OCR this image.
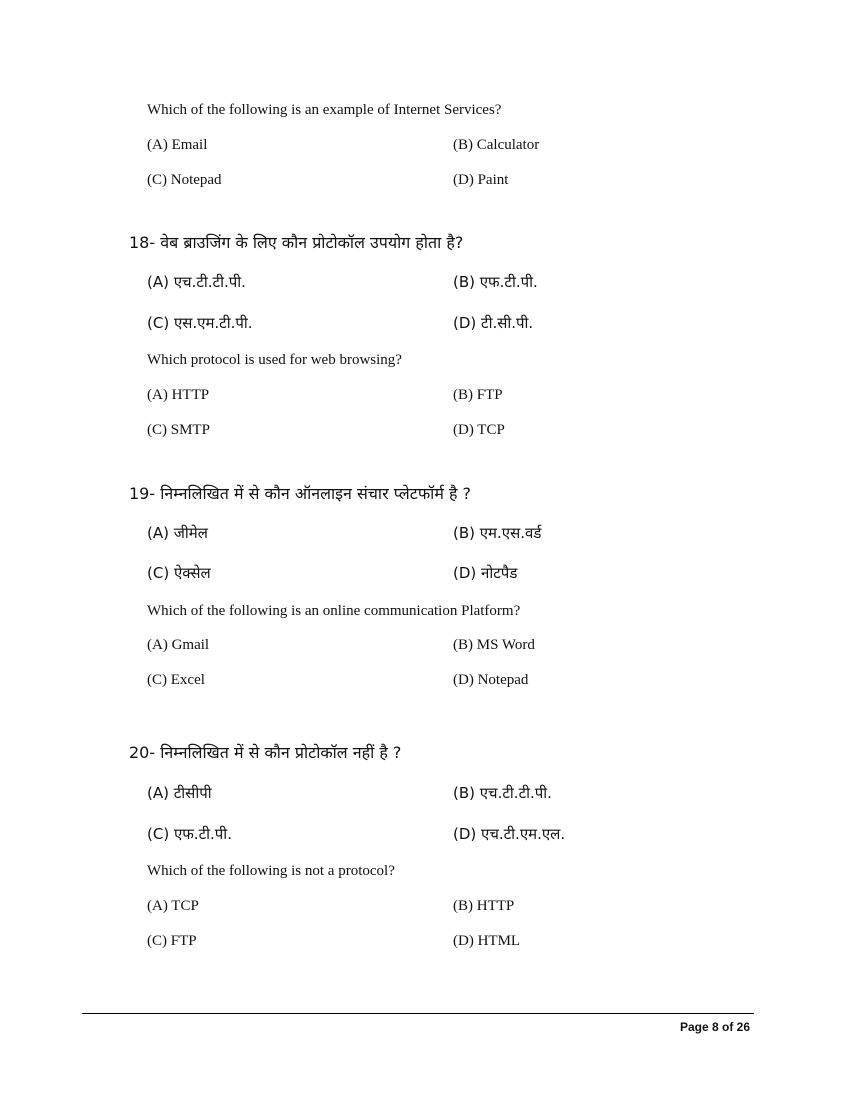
Which of the following is an example of Internet Services?
(A) Email	(B) Calculator
(C) Notepad	(D) Paint
18- वेब ब्राउजिंग के लिए कौन प्रोटोकॉल उपयोग होता है?
(A) एच.टी.टी.पी.	(B) एफ.टी.पी.
(C) एस.एम.टी.पी.	(D) टी.सी.पी.
Which protocol is used for web browsing?
(A) HTTP	(B) FTP
(C) SMTP	(D) TCP
19- निम्नलिखित में से कौन ऑनलाइन संचार प्लेटफॉर्म है ?
(A) जीमेल	(B) एम.एस.वर्ड
(C) ऐक्सेल	(D) नोटपैड
Which of the following is an online communication Platform?
(A) Gmail	(B) MS Word
(C) Excel	(D) Notepad
20- निम्नलिखित में से कौन प्रोटोकॉल नहीं है ?
(A) टीसीपी	(B) एच.टी.टी.पी.
(C) एफ.टी.पी.	(D) एच.टी.एम.एल.
Which of the following is not a protocol?
(A) TCP	(B) HTTP
(C) FTP	(D) HTML
Page 8 of 26
